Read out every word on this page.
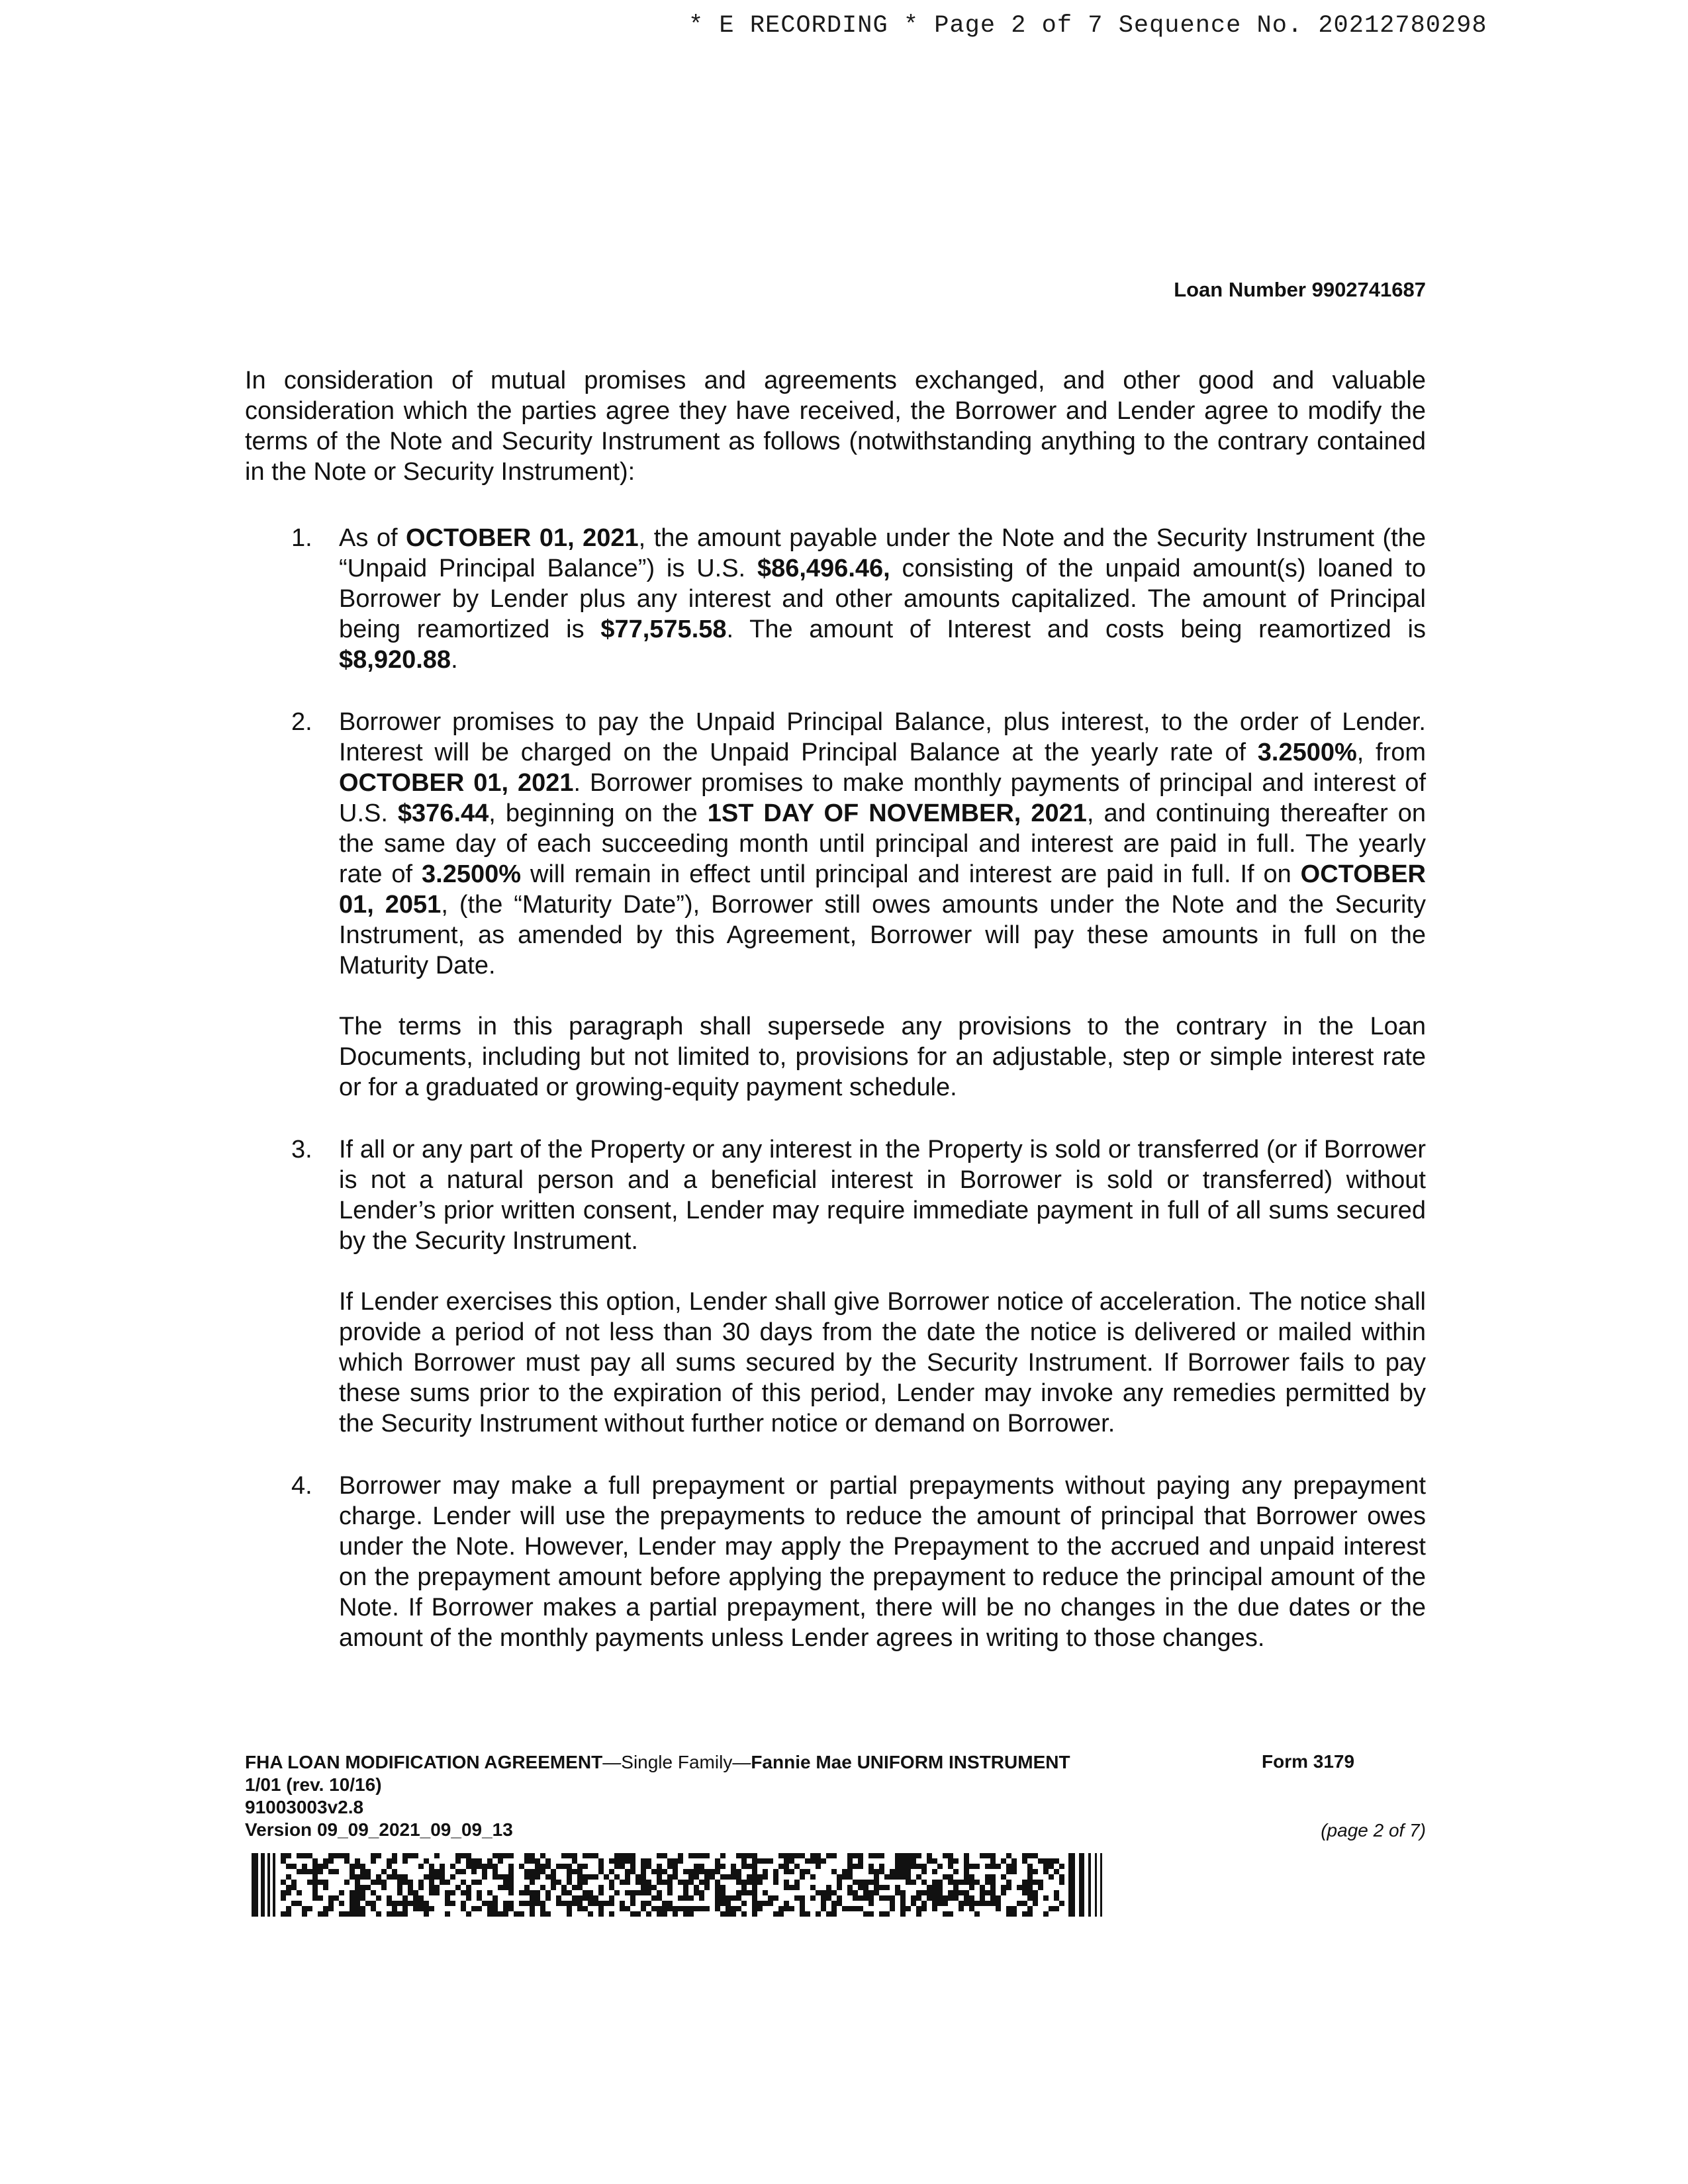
* E RECORDING * Page 2 of 7 Sequence No. 20212780298
Loan Number 9902741687
In consideration of mutual promises and agreements exchanged, and other good and valuable consideration which the parties agree they have received, the Borrower and Lender agree to modify the terms of the Note and Security Instrument as follows (notwithstanding anything to the contrary contained in the Note or Security Instrument):
1.	As of OCTOBER 01, 2021, the amount payable under the Note and the Security Instrument (the “Unpaid Principal Balance”) is U.S. $86,496.46, consisting of the unpaid amount(s) loaned to Borrower by Lender plus any interest and other amounts capitalized. The amount of Principal being reamortized is $77,575.58. The amount of Interest and costs being reamortized is $8,920.88.

2.	Borrower promises to pay the Unpaid Principal Balance, plus interest, to the order of Lender. Interest will be charged on the Unpaid Principal Balance at the yearly rate of 3.2500%, from OCTOBER 01, 2021. Borrower promises to make monthly payments of principal and interest of U.S. $376.44, beginning on the 1ST DAY OF NOVEMBER, 2021, and continuing thereafter on the same day of each succeeding month until principal and interest are paid in full. The yearly rate of 3.2500% will remain in effect until principal and interest are paid in full. If on OCTOBER 01, 2051, (the “Maturity Date”), Borrower still owes amounts under the Note and the Security Instrument, as amended by this Agreement, Borrower will pay these amounts in full on the Maturity Date.

The terms in this paragraph shall supersede any provisions to the contrary in the Loan Documents, including but not limited to, provisions for an adjustable, step or simple interest rate or for a graduated or growing-equity payment schedule.

3.	If all or any part of the Property or any interest in the Property is sold or transferred (or if Borrower is not a natural person and a beneficial interest in Borrower is sold or transferred) without Lender’s prior written consent, Lender may require immediate payment in full of all sums secured by the Security Instrument.

If Lender exercises this option, Lender shall give Borrower notice of acceleration. The notice shall provide a period of not less than 30 days from the date the notice is delivered or mailed within which Borrower must pay all sums secured by the Security Instrument. If Borrower fails to pay these sums prior to the expiration of this period, Lender may invoke any remedies permitted by the Security Instrument without further notice or demand on Borrower.

4.	Borrower may make a full prepayment or partial prepayments without paying any prepayment charge. Lender will use the prepayments to reduce the amount of principal that Borrower owes under the Note. However, Lender may apply the Prepayment to the accrued and unpaid interest on the prepayment amount before applying the prepayment to reduce the principal amount of the Note. If Borrower makes a partial prepayment, there will be no changes in the due dates or the amount of the monthly payments unless Lender agrees in writing to those changes.

FHA LOAN MODIFICATION AGREEMENT—Single Family—Fannie Mae UNIFORM INSTRUMENT
1/01 (rev. 10/16)
91003003v2.8
Version 09_09_2021_09_09_13
Form 3179
(page 2 of 7)
